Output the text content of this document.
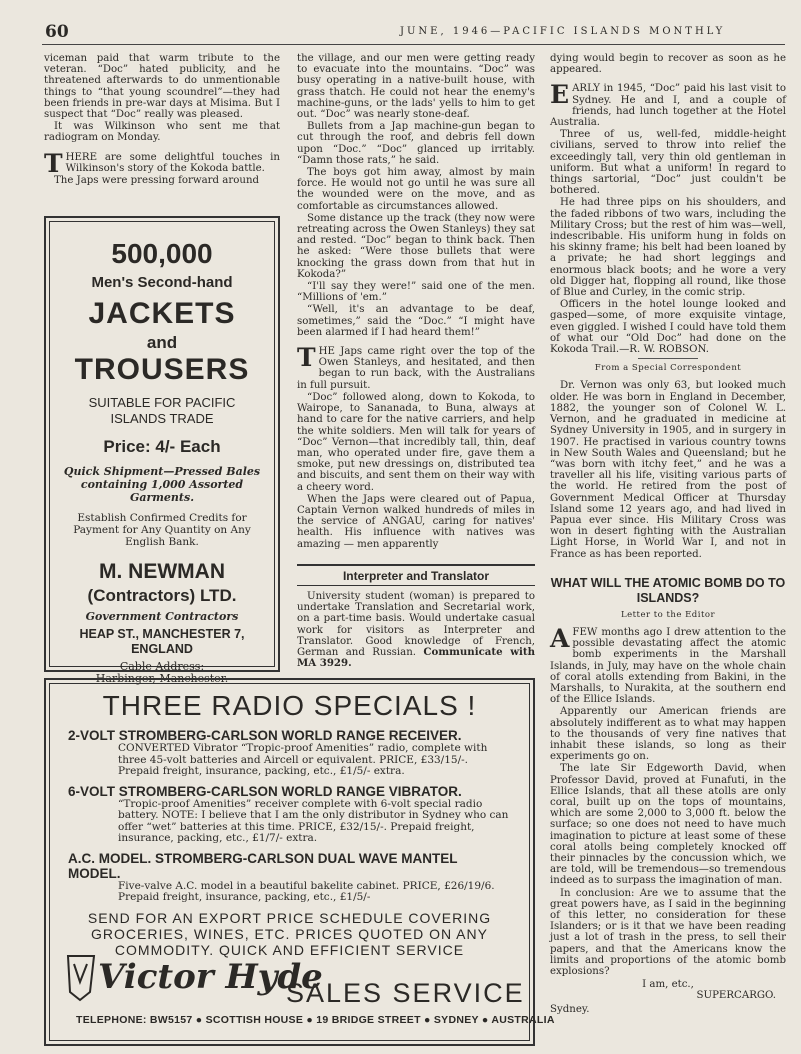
60	JUNE, 1946—PACIFIC ISLANDS MONTHLY

viceman paid that warm tribute to the veteran. “Doc” hated publicity, and he threatened afterwards to do unmentionable things to “that young scoundrel”—they had been friends in pre-war days at Misima. But I suspect that “Doc” really was pleased.

It was Wilkinson who sent me that radiogram on Monday.

THERE are some delightful touches in Wilkinson's story of the Kokoda battle.

The Japs were pressing forward around

500,000
Men's Second-hand
JACKETS
and
TROUSERS
SUITABLE FOR PACIFIC ISLANDS TRADE
Price: 4/- Each
Quick Shipment—Pressed Bales containing 1,000 Assorted Garments.
Establish Confirmed Credits for Payment for Any Quantity on Any English Bank.
M. NEWMAN
(Contractors) LTD.
Government Contractors
HEAP ST., MANCHESTER 7, ENGLAND
Cable Address:
Harbinger, Manchester.

the village, and our men were getting ready to evacuate into the mountains. “Doc” was busy operating in a native-built house, with grass thatch. He could not hear the enemy's machine-guns, or the lads' yells to him to get out. “Doc” was nearly stone-deaf.

Bullets from a Jap machine-gun began to cut through the roof, and debris fell down upon “Doc.” “Doc” glanced up irritably. “Damn those rats,” he said.

The boys got him away, almost by main force. He would not go until he was sure all the wounded were on the move, and as comfortable as circumstances allowed.

Some distance up the track (they now were retreating across the Owen Stanleys) they sat and rested. “Doc” began to think back. Then he asked: “Were those bullets that were knocking the grass down from that hut in Kokoda?”

“I'll say they were!” said one of the men. “Millions of 'em.”

“Well, it's an advantage to be deaf, sometimes,” said the “Doc.” “I might have been alarmed if I had heard them!”

THE Japs came right over the top of the Owen Stanleys, and hesitated, and then began to run back, with the Australians in full pursuit.

“Doc” followed along, down to Kokoda, to Wairope, to Sananada, to Buna, always at hand to care for the native carriers, and help the white soldiers. Men will talk for years of “Doc” Vernon—that incredibly tall, thin, deaf man, who operated under fire, gave them a smoke, put new dressings on, distributed tea and biscuits, and sent them on their way with a cheery word.

When the Japs were cleared out of Papua, Captain Vernon walked hundreds of miles in the service of ANGAU, caring for natives' health. His influence with natives was amazing — men apparently

Interpreter and Translator

University student (woman) is prepared to undertake Translation and Secretarial work, on a part-time basis. Would undertake casual work for visitors as Interpreter and Translator. Good knowledge of French, German and Russian. Communicate with MA 3929.

THREE RADIO SPECIALS !
2-VOLT STROMBERG-CARLSON WORLD RANGE RECEIVER.
CONVERTED Vibrator “Tropic-proof Amenities” radio, complete with three 45-volt batteries and Aircell or equivalent. PRICE, £33/15/-. Prepaid freight, insurance, packing, etc., £1/5/- extra.
6-VOLT STROMBERG-CARLSON WORLD RANGE VIBRATOR.
“Tropic-proof Amenities” receiver complete with 6-volt special radio battery. NOTE: I believe that I am the only distributor in Sydney who can offer “wet” batteries at this time. PRICE, £32/15/-. Prepaid freight, insurance, packing, etc., £1/7/- extra.
A.C. MODEL. STROMBERG-CARLSON DUAL WAVE MANTEL MODEL.
Five-valve A.C. model in a beautiful bakelite cabinet. PRICE, £26/19/6. Prepaid freight, insurance, packing, etc., £1/5/-
SEND FOR AN EXPORT PRICE SCHEDULE COVERING GROCERIES, WINES, ETC. PRICES QUOTED ON ANY COMMODITY. QUICK AND EFFICIENT SERVICE
Victor Hyde
SALES SERVICE
TELEPHONE: BW5157 ● SCOTTISH HOUSE ● 19 BRIDGE STREET ● SYDNEY ● AUSTRALIA

dying would begin to recover as soon as he appeared.

EARLY in 1945, “Doc” paid his last visit to Sydney. He and I, and a couple of friends, had lunch together at the Hotel Australia.

Three of us, well-fed, middle-height civilians, served to throw into relief the exceedingly tall, very thin old gentleman in uniform. But what a uniform! In regard to things sartorial, “Doc” just couldn't be bothered.

He had three pips on his shoulders, and the faded ribbons of two wars, including the Military Cross; but the rest of him was—well, indescribable. His uniform hung in folds on his skinny frame; his belt had been loaned by a private; he had short leggings and enormous black boots; and he wore a very old Digger hat, flopping all round, like those of Blue and Curley, in the comic strip.

Officers in the hotel lounge looked and gasped—some, of more exquisite vintage, even giggled. I wished I could have told them of what our “Old Doc” had done on the Kokoda Trail.—R. W. ROBSON.

From a Special Correspondent

Dr. Vernon was only 63, but looked much older. He was born in England in December, 1882, the younger son of Colonel W. L. Vernon, and he graduated in medicine at Sydney University in 1905, and in surgery in 1907. He practised in various country towns in New South Wales and Queensland; but he “was born with itchy feet,” and he was a traveller all his life, visiting various parts of the world. He retired from the post of Government Medical Officer at Thursday Island some 12 years ago, and had lived in Papua ever since. His Military Cross was won in desert fighting with the Australian Light Horse, in World War I, and not in France as has been reported.

WHAT WILL THE ATOMIC BOMB DO TO ISLANDS?
Letter to the Editor

AFEW months ago I drew attention to the possible devastating affect the atomic bomb experiments in the Marshall Islands, in July, may have on the whole chain of coral atolls extending from Bakini, in the Marshalls, to Nurakita, at the southern end of the Ellice Islands.

Apparently our American friends are absolutely indifferent as to what may happen to the thousands of very fine natives that inhabit these islands, so long as their experiments go on.

The late Sir Edgeworth David, when Professor David, proved at Funafuti, in the Ellice Islands, that all these atolls are only coral, built up on the tops of mountains, which are some 2,000 to 3,000 ft. below the surface; so one does not need to have much imagination to picture at least some of these coral atolls being completely knocked off their pinnacles by the concussion which, we are told, will be tremendous—so tremendous indeed as to surpass the imagination of man.

In conclusion: Are we to assume that the great powers have, as I said in the beginning of this letter, no consideration for these Islanders; or is it that we have been reading just a lot of trash in the press, to sell their papers, and that the Americans know the limits and proportions of the atomic bomb explosions?

I am, etc.,
SUPERCARGO.
Sydney.
